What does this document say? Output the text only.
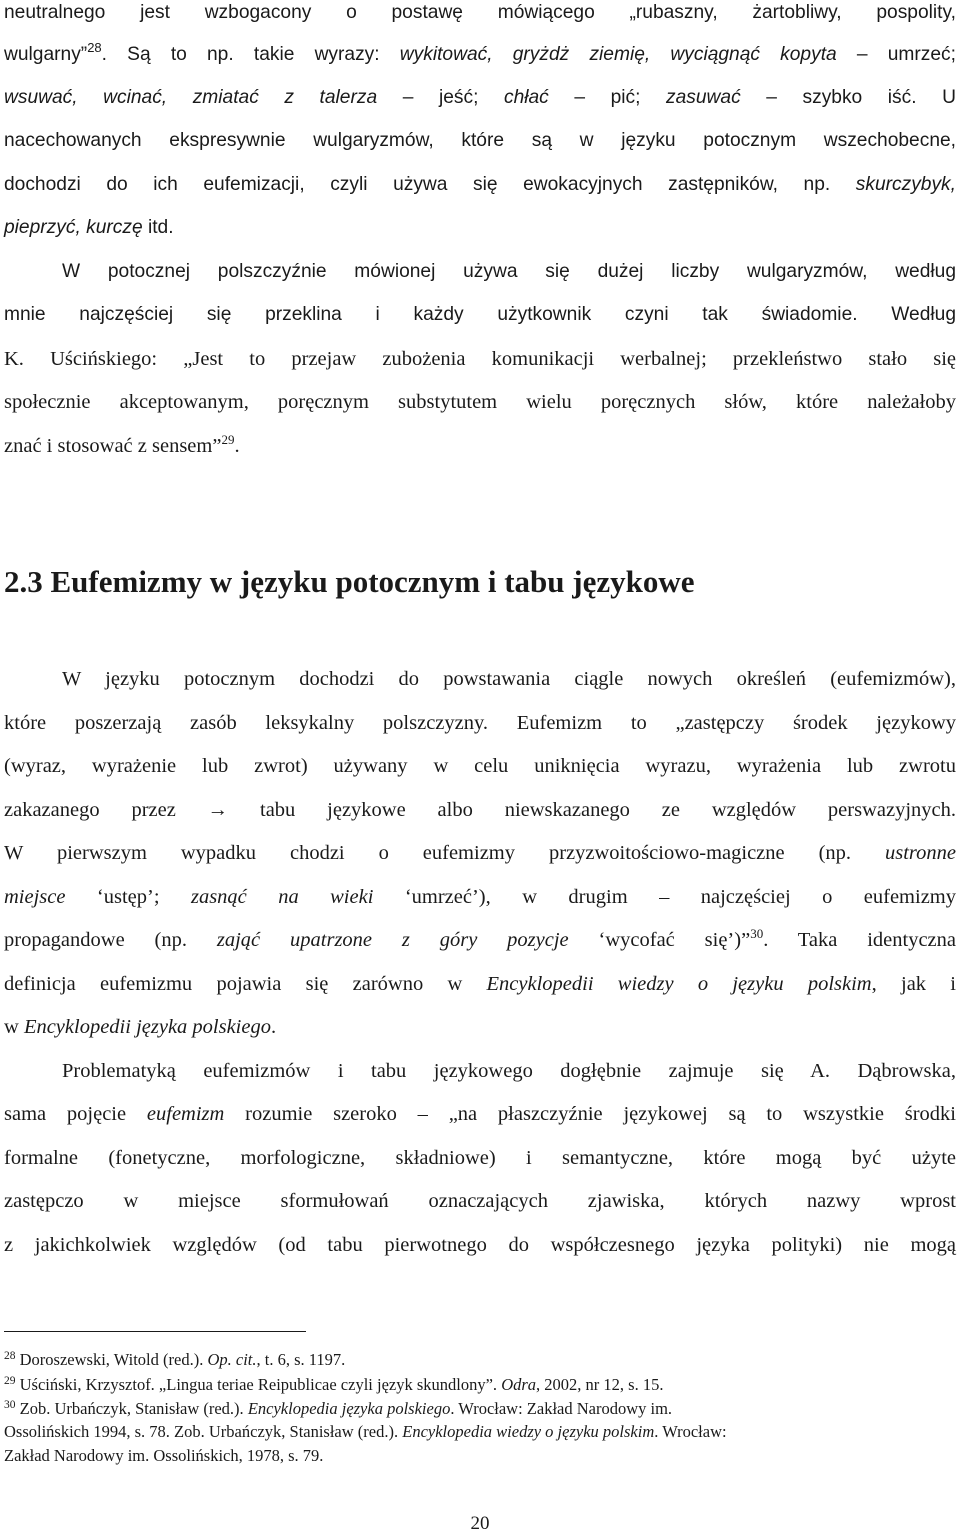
neutralnego jest wzbogacony o postawę mówiącego „rubaszny, żartobliwy, pospolity,
wulgarny”$^{28}$. Są to np. takie wyrazy: wykitować, gryżdż ziemię, wyciągnąć kopyta – umrzeć;
wsuwać, wcinać, zmiatać z talerza – jeść; chłać – pić; zasuwać – szybko iść. U
nacechowanych ekspresywnie wulgaryzmów, które są w języku potocznym wszechobecne,
dochodzi do ich eufemizacji, czyli używa się ewokacyjnych zastępników, np. skurczybyk,
pieprzyć, kurczę itd.
W potocznej polszczyźnie mówionej używa się dużej liczby wulgaryzmów, według
mnie najczęściej się przeklina i każdy użytkownik czyni tak świadomie. Według
K. Uścińskiego: „Jest to przejaw zubożenia komunikacji werbalnej; przekleństwo stało się
społecznie akceptowanym, poręcznym substytutem wielu poręcznych słów, które należałoby
znać i stosować z sensem”$^{29}$.
2.3 Eufemizmy w języku potocznym i tabu językowe
W języku potocznym dochodzi do powstawania ciągle nowych określeń (eufemizmów),
które poszerzają zasób leksykalny polszczyzny. Eufemizm to „zastępczy środek językowy
(wyraz, wyrażenie lub zwrot) używany w celu uniknięcia wyrazu, wyrażenia lub zwrotu
zakazanego przez → tabu językowe albo niewskazanego ze względów perswazyjnych.
W pierwszym wypadku chodzi o eufemizmy przyzwoitościowo-magiczne (np. ustronne
miejsce ‘ustęp’; zasnąć na wieki ‘umrzeć’), w drugim – najczęściej o eufemizmy
propagandowe (np. zająć upatrzone z góry pozycje ‘wycofać się’)”$^{30}$. Taka identyczna
definicja eufemizmu pojawia się zarówno w Encyklopedii wiedzy o języku polskim, jak i
w Encyklopedii języka polskiego.
Problematyką eufemizmów i tabu językowego dogłębnie zajmuje się A. Dąbrowska,
sama pojęcie eufemizm rozumie szeroko – „na płaszczyźnie językowej są to wszystkie środki
formalne (fonetyczne, morfologiczne, składniowe) i semantyczne, które mogą być użyte
zastępczo w miejsce sformułowań oznaczających zjawiska, których nazwy wprost
z jakichkolwiek względów (od tabu pierwotnego do współczesnego języka polityki) nie mogą
$^{28}$ Doroszewski, Witold (red.). Op. cit., t. 6, s. 1197.
$^{29}$ Uściński, Krzysztof. „Lingua teriae Reipublicae czyli język skundlony”. Odra, 2002, nr 12, s. 15.
$^{30}$ Zob. Urbańczyk, Stanisław (red.). Encyklopedia języka polskiego. Wrocław: Zakład Narodowy im.
Ossolińskich 1994, s. 78. Zob. Urbańczyk, Stanisław (red.). Encyklopedia wiedzy o języku polskim. Wrocław:
Zakład Narodowy im. Ossolińskich, 1978, s. 79.
20
